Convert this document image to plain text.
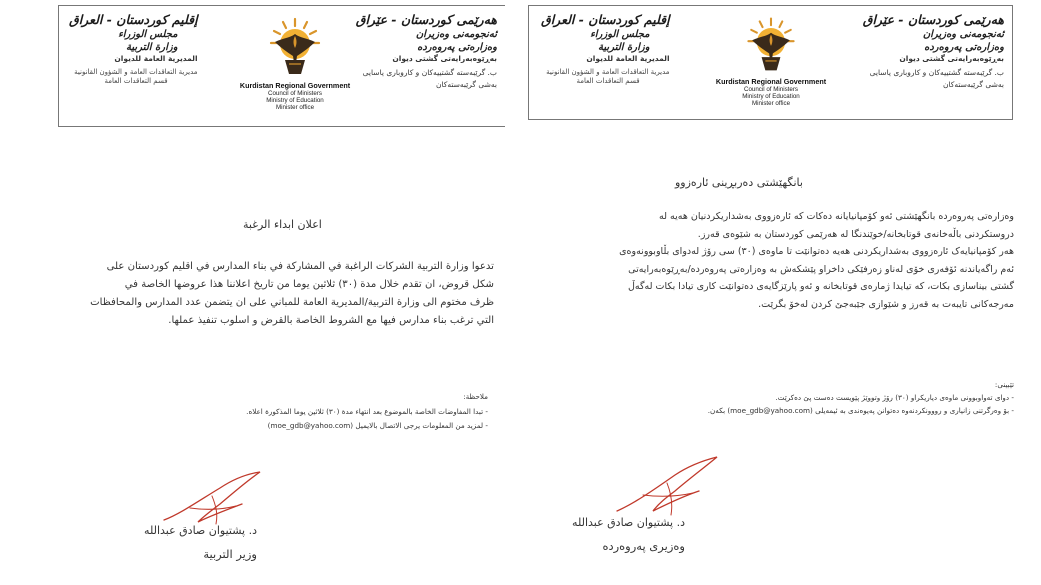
هەرێمی کوردستان - عێراق
ئه‌نجومه‌نی وه‌زیران
وه‌زاره‌تی په‌روه‌رده
به‌ڕێوه‌به‌رایه‌تی گشتی دیوان
ب. گرێبه‌سته گشتییه‌كان و كاروباری یاسایی
به‌شی گرێبه‌سته‌كان
Kurdistan Regional Government
Council of Ministers
Ministry of Education
Minister office
إقليم كوردستان - العراق
مجلس الوزراء
وزارة التربية
المديرية العامة للديوان
مديرية التعاقدات العامة و الشؤون القانونية
قسم التعاقدات العامة
اعلان ابداء الرغبة
تدعوا وزارة التربية الشركات الراغبة في المشاركة في بناء المدارس في اقليم كوردستان على
شكل قروض، ان تقدم خلال مدة (٣٠) ثلاثين يوما من تاريخ اعلاننا هذا عروضها الخاصة في
ظرف مختوم الى وزارة التربية/المديرية العامة للمباني على ان يتضمن عدد المدارس والمحافظات
التي ترغب بناء مدارس فيها مع الشروط الخاصة بالقرض و اسلوب تنفيذ عملها.
ملاحظة:
- تبدا المفاوضات الخاصة بالموضوع بعد انتهاء مدة (٣٠) ثلاثين يوما المذكورة اعلاه.
- لمزيد من المعلومات يرجى الاتصال بالايميل (moe_gdb@yahoo.com)
د. پشتیوان صادق عبدالله
وزير التربية
هەرێمی کوردستان - عێراق
ئه‌نجومه‌نی وه‌زیران
وه‌زاره‌تی په‌روه‌رده
به‌ڕێوه‌به‌رایه‌تی گشتی دیوان
ب. گرێبه‌سته گشتییه‌كان و كاروباری یاسایی
به‌شی گرێبه‌سته‌كان
Kurdistan Regional Government
Council of Ministers
Ministry of Education
Minister office
إقليم كوردستان - العراق
مجلس الوزراء
وزارة التربية
المديرية العامة للديوان
مديرية التعاقدات العامة و الشؤون القانونية
قسم التعاقدات العامة
بانگهێشتی دەربڕینی ئارەزوو
وەزارەتی پەروەردە بانگهێشتی ئەو کۆمپانیایانە دەکات کە ئارەزووی بەشداریکردنیان هەیە لە
دروستکردنی باڵەخانەی قوتابخانە/خوێندنگا لە هەرێمی کوردستان بە شێوەی قەرز.
هەر کۆمپانیایەک ئارەزووی بەشداریکردنی هەیە دەتوانێت تا ماوەی (٣٠) سی رۆژ لەدوای بڵاوبوونەوەی
ئەم راگەیاندنە ئۆفەری خۆی لەناو زەرفێکی داخراو پێشکەش بە وەزارەتی پەروەردە/بەڕێوەبەرایەتی
گشتی بیناسازی بکات، کە تیایدا ژمارەی قوتابخانە و ئەو پارێزگایەی دەتوانێت کاری تیادا بکات لەگەڵ
مەرجەکانی تایبەت بە قەرز و شێوازی جێبەجێ کردن لەخۆ بگرێت.
تێبینی:
- دوای تەواوبوونی ماوەی دیاریکراو (٣٠) رۆژ وتووێژ پێویست دەست پێ دەکرێت.
- بۆ وەرگرتنی زانیاری و رووونکردنەوە دەتوانن پەیوەندی بە ئیمەیلی (moe_gdb@yahoo.com) بکەن.
د. پشتیوان صادق عبدالله
وەزیری پەروەردە
